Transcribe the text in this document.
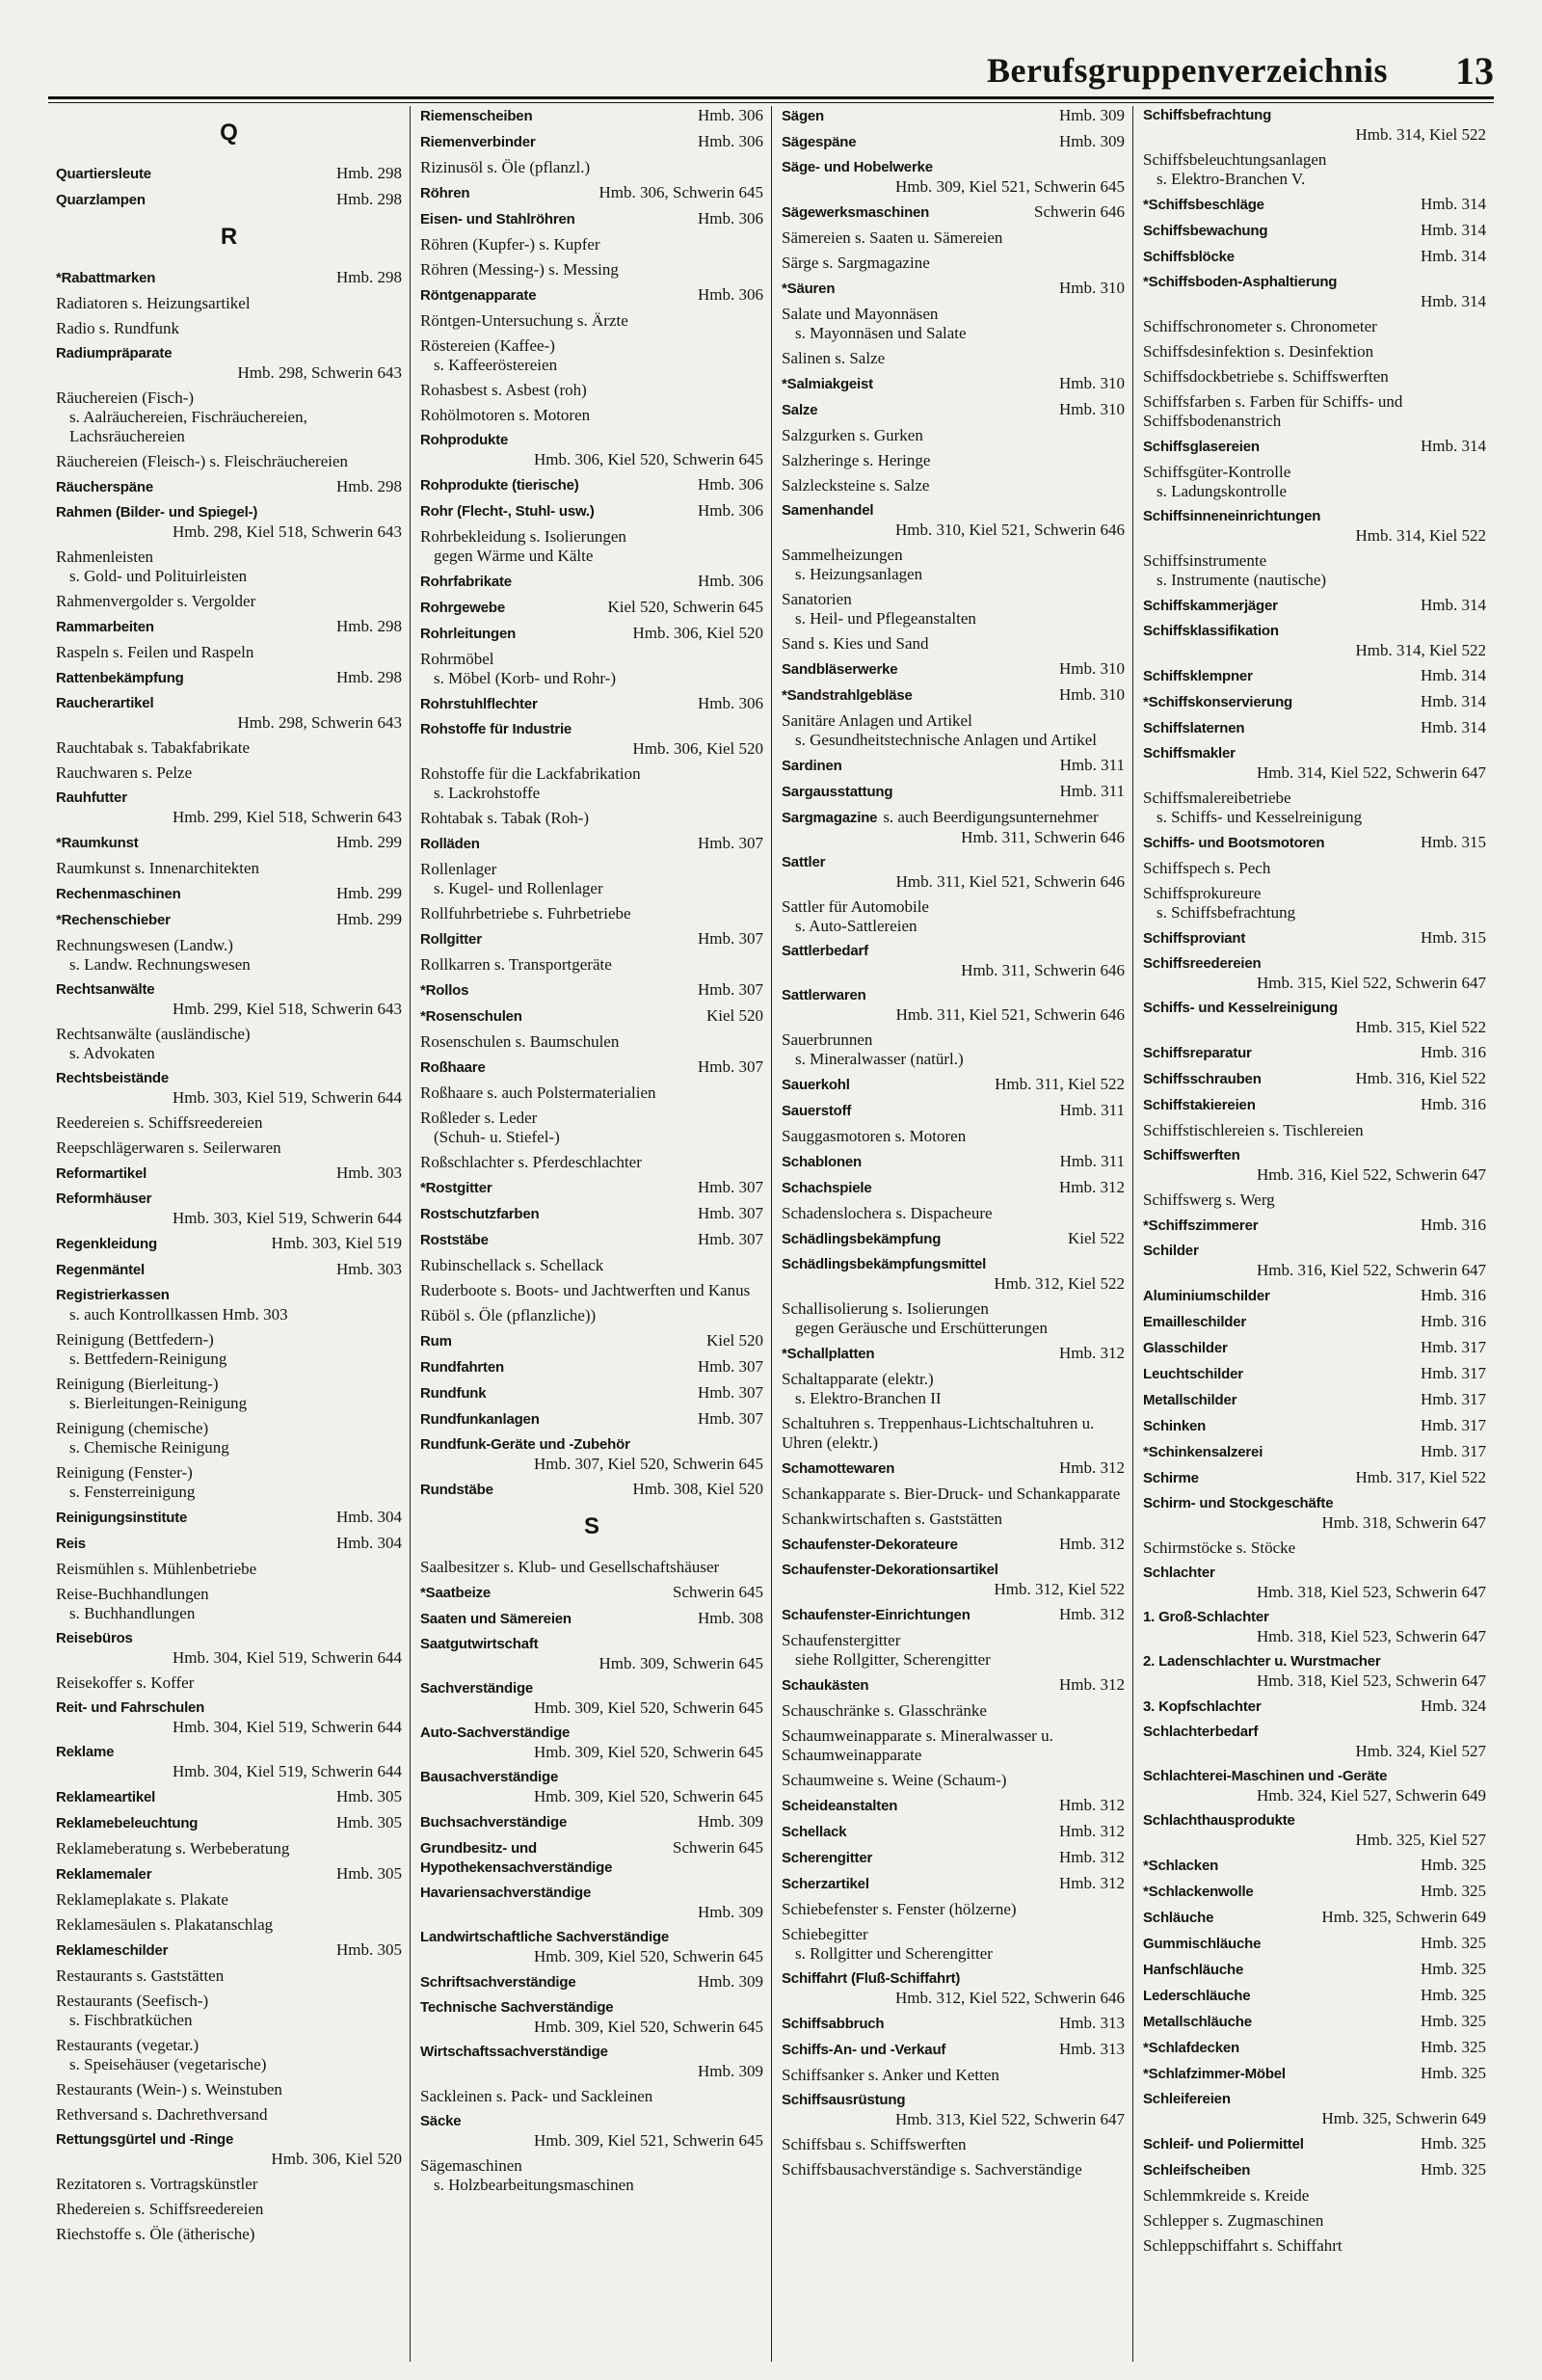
Berufsgruppenverzeichnis 13
Q
Quartiersleute	Hmb. 298
Quarzlampen	Hmb. 298
R
*Rabattmarken	Hmb. 298
Radiatoren s. Heizungsartikel
Radio s. Rundfunk
Radiumpräparate
Hmb. 298, Schwerin 643
Räuchereien (Fisch-)
s. Aalräuchereien, Fischräuchereien, Lachsräuchereien
Räuchereien (Fleisch-) s. Fleischräuchereien
Räucherspäne	Hmb. 298
Rahmen (Bilder- und Spiegel-)
Hmb. 298, Kiel 518, Schwerin 643
Rahmenleisten
s. Gold- und Polituirleisten
Rahmenvergolder s. Vergolder
Rammarbeiten	Hmb. 298
Raspeln s. Feilen und Raspeln
Rattenbekämpfung	Hmb. 298
Raucherartikel
Hmb. 298, Schwerin 643
Rauchtabak s. Tabakfabrikate
Rauchwaren s. Pelze
Rauhfutter
Hmb. 299, Kiel 518, Schwerin 643
*Raumkunst	Hmb. 299
Raumkunst s. Innenarchitekten
Rechenmaschinen	Hmb. 299
*Rechenschieber	Hmb. 299
Rechnungswesen (Landw.)
s. Landw. Rechnungswesen
Rechtsanwälte
Hmb. 299, Kiel 518, Schwerin 643
Rechtsanwälte (ausländische)
s. Advokaten
Rechtsbeistände
Hmb. 303, Kiel 519, Schwerin 644
Reedereien s. Schiffsreedereien
Reepschlägerwaren s. Seilerwaren
Reformartikel	Hmb. 303
Reformhäuser
Hmb. 303, Kiel 519, Schwerin 644
Regenkleidung	Hmb. 303, Kiel 519
Regenmäntel	Hmb. 303
Registrierkassen
s. auch Kontrollkassen Hmb. 303
Reinigung (Bettfedern-)
s. Bettfedern-Reinigung
Reinigung (Bierleitung-)
s. Bierleitungen-Reinigung
Reinigung (chemische)
s. Chemische Reinigung
Reinigung (Fenster-)
s. Fensterreinigung
Reinigungsinstitute	Hmb. 304
Reis	Hmb. 304
Reismühlen s. Mühlenbetriebe
Reise-Buchhandlungen
s. Buchhandlungen
Reisebüros
Hmb. 304, Kiel 519, Schwerin 644
Reisekoffer s. Koffer
Reit- und Fahrschulen
Hmb. 304, Kiel 519, Schwerin 644
Reklame
Hmb. 304, Kiel 519, Schwerin 644
Reklameartikel	Hmb. 305
Reklamebeleuchtung	Hmb. 305
Reklameberatung s. Werbeberatung
Reklamemaler	Hmb. 305
Reklameplakate s. Plakate
Reklamesäulen s. Plakatanschlag
Reklameschilder	Hmb. 305
Restaurants s. Gaststätten
Restaurants (Seefisch-)
s. Fischbratküchen
Restaurants (vegetar.)
s. Speisehäuser (vegetarische)
Restaurants (Wein-) s. Weinstuben
Rethversand s. Dachrethversand
Rettungsgürtel und -Ringe
Hmb. 306, Kiel 520
Rezitatoren s. Vortragskünstler
Rhedereien s. Schiffsreedereien
Riechstoffe s. Öle (ätherische)
Riemenscheiben	Hmb. 306
Riemenverbinder	Hmb. 306
Rizinusöl s. Öle (pflanzl.)
Röhren	Hmb. 306, Schwerin 645
Eisen- und Stahlröhren	Hmb. 306
Röhren (Kupfer-) s. Kupfer
Röhren (Messing-) s. Messing
Röntgenapparate	Hmb. 306
Röntgen-Untersuchung s. Ärzte
Röstereien (Kaffee-)
s. Kaffeeröstereien
Rohasbest s. Asbest (roh)
Rohölmotoren s. Motoren
Rohprodukte
Hmb. 306, Kiel 520, Schwerin 645
Rohprodukte (tierische)	Hmb. 306
Rohr (Flecht-, Stuhl- usw.)	Hmb. 306
Rohrbekleidung s. Isolierungen
gegen Wärme und Kälte
Rohrfabrikate	Hmb. 306
Rohrgewebe	Kiel 520, Schwerin 645
Rohrleitungen	Hmb. 306, Kiel 520
Rohrmöbel
s. Möbel (Korb- und Rohr-)
Rohrstuhlflechter	Hmb. 306
Rohstoffe für Industrie
Hmb. 306, Kiel 520
Rohstoffe für die Lackfabrikation
s. Lackrohstoffe
Rohtabak s. Tabak (Roh-)
Rolläden	Hmb. 307
Rollenlager
s. Kugel- und Rollenlager
Rollfuhrbetriebe s. Fuhrbetriebe
Rollgitter	Hmb. 307
Rollkarren s. Transportgeräte
*Rollos	Hmb. 307
*Rosenschulen	Kiel 520
Rosenschulen s. Baumschulen
Roßhaare	Hmb. 307
Roßhaare s. auch Polstermaterialien
Roßleder s. Leder
(Schuh- u. Stiefel-)
Roßschlachter s. Pferdeschlachter
*Rostgitter	Hmb. 307
Rostschutzfarben	Hmb. 307
Roststäbe	Hmb. 307
Rubinschellack s. Schellack
Ruderboote s. Boots- und Jachtwerften und Kanus
Rüböl s. Öle (pflanzliche))
Rum	Kiel 520
Rundfahrten	Hmb. 307
Rundfunk	Hmb. 307
Rundfunkanlagen	Hmb. 307
Rundfunk-Geräte und -Zubehör
Hmb. 307, Kiel 520, Schwerin 645
Rundstäbe	Hmb. 308, Kiel 520
S
Saalbesitzer s. Klub- und Gesellschaftshäuser
*Saatbeize	Schwerin 645
Saaten und Sämereien	Hmb. 308
Saatgutwirtschaft
Hmb. 309, Schwerin 645
Sachverständige
Hmb. 309, Kiel 520, Schwerin 645
Auto-Sachverständige
Hmb. 309, Kiel 520, Schwerin 645
Bausachverständige
Hmb. 309, Kiel 520, Schwerin 645
Buchsachverständige	Hmb. 309
Grundbesitz- und Hypothekensachverständige
Schwerin 645
Havariensachverständige
Hmb. 309
Landwirtschaftliche Sachverständige
Hmb. 309, Kiel 520, Schwerin 645
Schriftsachverständige	Hmb. 309
Technische Sachverständige
Hmb. 309, Kiel 520, Schwerin 645
Wirtschaftssachverständige
Hmb. 309
Sackleinen s. Pack- und Sackleinen
Säcke
Hmb. 309, Kiel 521, Schwerin 645
Sägemaschinen
s. Holzbearbeitungsmaschinen
Sägen	Hmb. 309
Sägespäne	Hmb. 309
Säge- und Hobelwerke
Hmb. 309, Kiel 521, Schwerin 645
Sägewerksmaschinen	Schwerin 646
Sämereien s. Saaten u. Sämereien
Särge s. Sargmagazine
*Säuren	Hmb. 310
Salate und Mayonnäsen
s. Mayonnäsen und Salate
Salinen s. Salze
*Salmiakgeist	Hmb. 310
Salze	Hmb. 310
Salzgurken s. Gurken
Salzheringe s. Heringe
Salzlecksteine s. Salze
Samenhandel
Hmb. 310, Kiel 521, Schwerin 646
Sammelheizungen
s. Heizungsanlagen
Sanatorien
s. Heil- und Pflegeanstalten
Sand s. Kies und Sand
Sandbläserwerke	Hmb. 310
*Sandstrahlgebläse	Hmb. 310
Sanitäre Anlagen und Artikel
s. Gesundheitstechnische Anlagen und Artikel
Sardinen	Hmb. 311
Sargausstattung	Hmb. 311
Sargmagazine s. auch Beerdigungsunternehmer
Hmb. 311, Schwerin 646
Sattler
Hmb. 311, Kiel 521, Schwerin 646
Sattler für Automobile
s. Auto-Sattlereien
Sattlerbedarf
Hmb. 311, Schwerin 646
Sattlerwaren
Hmb. 311, Kiel 521, Schwerin 646
Sauerbrunnen
s. Mineralwasser (natürl.)
Sauerkohl	Hmb. 311, Kiel 522
Sauerstoff	Hmb. 311
Sauggasmotoren s. Motoren
Schablonen	Hmb. 311
Schachspiele	Hmb. 312
Schadenslochera s. Dispacheure
Schädlingsbekämpfung	Kiel 522
Schädlingsbekämpfungsmittel
Hmb. 312, Kiel 522
Schallisolierung s. Isolierungen
gegen Geräusche und Erschütterungen
*Schallplatten	Hmb. 312
Schaltapparate (elektr.)
s. Elektro-Branchen II
Schaltuhren s. Treppenhaus-Lichtschaltuhren u. Uhren (elektr.)
Schamottewaren	Hmb. 312
Schankapparate s. Bier-Druck- und Schankapparate
Schankwirtschaften s. Gaststätten
Schaufenster-Dekorateure	Hmb. 312
Schaufenster-Dekorationsartikel
Hmb. 312, Kiel 522
Schaufenster-Einrichtungen	Hmb. 312
Schaufenstergitter
siehe Rollgitter, Scherengitter
Schaukästen	Hmb. 312
Schauschränke s. Glasschränke
Schaumweinapparate s. Mineralwasser u. Schaumweinapparate
Schaumweine s. Weine (Schaum-)
Scheideanstalten	Hmb. 312
Schellack	Hmb. 312
Scherengitter	Hmb. 312
Scherzartikel	Hmb. 312
Schiebefenster s. Fenster (hölzerne)
Schiebegitter
s. Rollgitter und Scherengitter
Schiffahrt (Fluß-Schiffahrt)
Hmb. 312, Kiel 522, Schwerin 646
Schiffsabbruch	Hmb. 313
Schiffs-An- und -Verkauf	Hmb. 313
Schiffsanker s. Anker und Ketten
Schiffsausrüstung
Hmb. 313, Kiel 522, Schwerin 647
Schiffsbau s. Schiffswerften
Schiffsbausachverständige s. Sachverständige
Schiffsbefrachtung
Hmb. 314, Kiel 522
Schiffsbeleuchtungsanlagen
s. Elektro-Branchen V.
*Schiffsbeschläge	Hmb. 314
Schiffsbewachung	Hmb. 314
Schiffsblöcke	Hmb. 314
*Schiffsboden-Asphaltierung
Hmb. 314
Schiffschronometer s. Chronometer
Schiffsdesinfektion s. Desinfektion
Schiffsdockbetriebe s. Schiffswerften
Schiffsfarben s. Farben für Schiffs- und Schiffsbodenanstrich
Schiffsglasereien	Hmb. 314
Schiffsgüter-Kontrolle
s. Ladungskontrolle
Schiffsinneneinrichtungen
Hmb. 314, Kiel 522
Schiffsinstrumente
s. Instrumente (nautische)
Schiffskammerjäger	Hmb. 314
Schiffsklassifikation
Hmb. 314, Kiel 522
Schiffsklempner	Hmb. 314
*Schiffskonservierung	Hmb. 314
Schiffslaternen	Hmb. 314
Schiffsmakler
Hmb. 314, Kiel 522, Schwerin 647
Schiffsmalereibetriebe
s. Schiffs- und Kesselreinigung
Schiffs- und Bootsmotoren	Hmb. 315
Schiffspech s. Pech
Schiffsprokureure
s. Schiffsbefrachtung
Schiffsproviant	Hmb. 315
Schiffsreedereien
Hmb. 315, Kiel 522, Schwerin 647
Schiffs- und Kesselreinigung
Hmb. 315, Kiel 522
Schiffsreparatur	Hmb. 316
Schiffsschrauben	Hmb. 316, Kiel 522
Schiffstakiereien	Hmb. 316
Schiffstischlereien s. Tischlereien
Schiffswerften
Hmb. 316, Kiel 522, Schwerin 647
Schiffswerg s. Werg
*Schiffszimmerer	Hmb. 316
Schilder
Hmb. 316, Kiel 522, Schwerin 647
Aluminiumschilder	Hmb. 316
Emailleschilder	Hmb. 316
Glasschilder	Hmb. 317
Leuchtschilder	Hmb. 317
Metallschilder	Hmb. 317
Schinken	Hmb. 317
*Schinkensalzerei	Hmb. 317
Schirme	Hmb. 317, Kiel 522
Schirm- und Stockgeschäfte
Hmb. 318, Schwerin 647
Schirmstöcke s. Stöcke
Schlachter
Hmb. 318, Kiel 523, Schwerin 647
1. Groß-Schlachter
Hmb. 318, Kiel 523, Schwerin 647
2. Ladenschlachter u. Wurstmacher
Hmb. 318, Kiel 523, Schwerin 647
3. Kopfschlachter	Hmb. 324
Schlachterbedarf
Hmb. 324, Kiel 527
Schlachterei-Maschinen und -Geräte
Hmb. 324, Kiel 527, Schwerin 649
Schlachthausprodukte
Hmb. 325, Kiel 527
*Schlacken	Hmb. 325
*Schlackenwolle	Hmb. 325
Schläuche	Hmb. 325, Schwerin 649
Gummischläuche	Hmb. 325
Hanfschläuche	Hmb. 325
Lederschläuche	Hmb. 325
Metallschläuche	Hmb. 325
*Schlafdecken	Hmb. 325
*Schlafzimmer-Möbel	Hmb. 325
Schleifereien
Hmb. 325, Schwerin 649
Schleif- und Poliermittel	Hmb. 325
Schleifscheiben	Hmb. 325
Schlemmkreide s. Kreide
Schlepper s. Zugmaschinen
Schleppschiffahrt s. Schiffahrt
